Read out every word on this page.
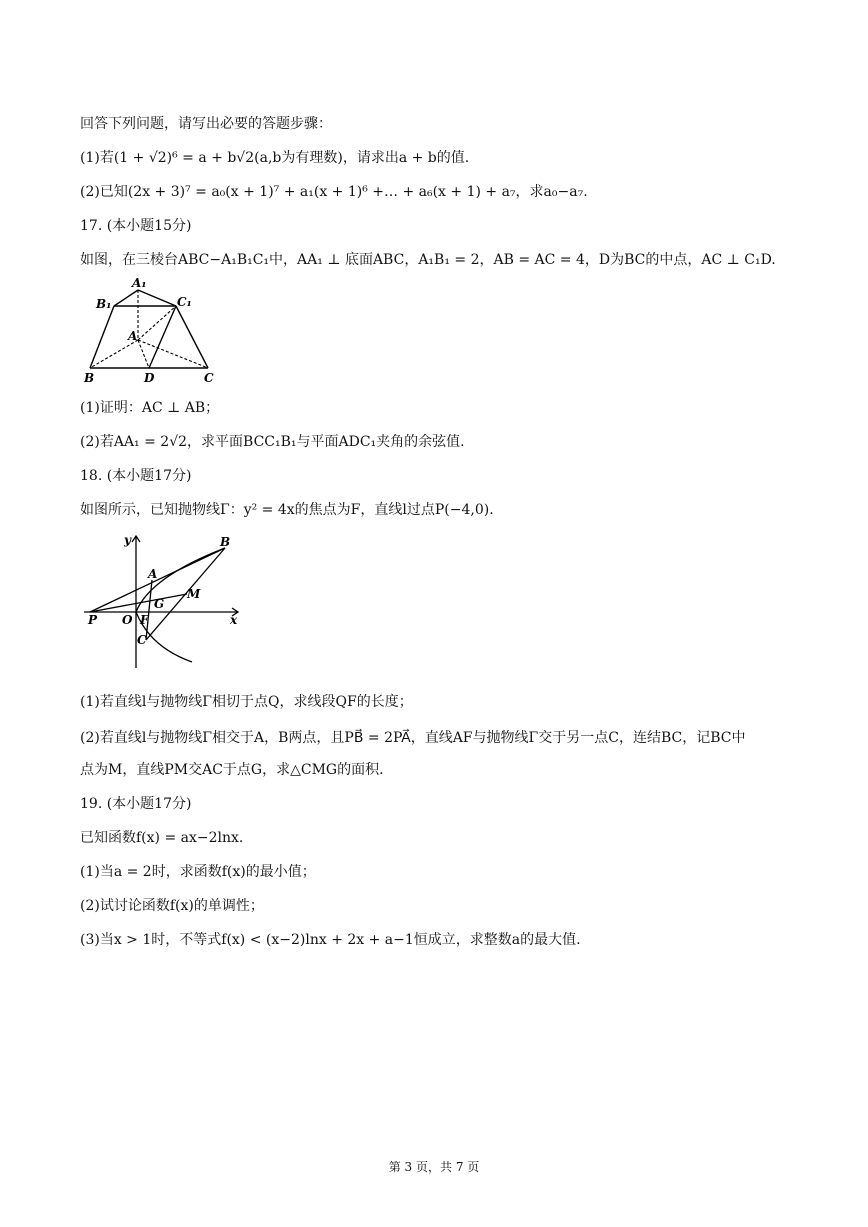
回答下列问题，请写出必要的答题步骤：
(1)若(1 + √2)⁶ = a + b√2(a,b为有理数)，请求出a + b的值.
(2)已知(2x + 3)⁷ = a₀(x + 1)⁷ + a₁(x + 1)⁶ +… + a₆(x + 1) + a₇，求a₀−a₇.
17. (本小题15分)
如图，在三棱台ABC−A₁B₁C₁中，AA₁ ⊥ 底面ABC，A₁B₁ = 2，AB = AC = 4，D为BC的中点，AC ⊥ C₁D.
A₁
B₁	C₁
A
B	D	C
(1)证明：AC ⊥ AB；
(2)若AA₁ = 2√2，求平面BCC₁B₁与平面ADC₁夹角的余弦值.
18. (本小题17分)
如图所示，已知抛物线Γ：y² = 4x的焦点为F，直线l过点P(−4,0).
y
x
B
A
M
G
P O F
C
(1)若直线l与抛物线Γ相切于点Q，求线段QF的长度；
(2)若直线l与抛物线Γ相交于A，B两点，且PB⃗ = 2PA⃗，直线AF与抛物线Γ交于另一点C，连结BC，记BC中
点为M，直线PM交AC于点G，求△CMG的面积.
19. (本小题17分)
已知函数f(x) = ax−2lnx.
(1)当a = 2时，求函数f(x)的最小值；
(2)试讨论函数f(x)的单调性；
(3)当x > 1时，不等式f(x) < (x−2)lnx + 2x + a−1恒成立，求整数a的最大值.
第 3 页，共 7 页
